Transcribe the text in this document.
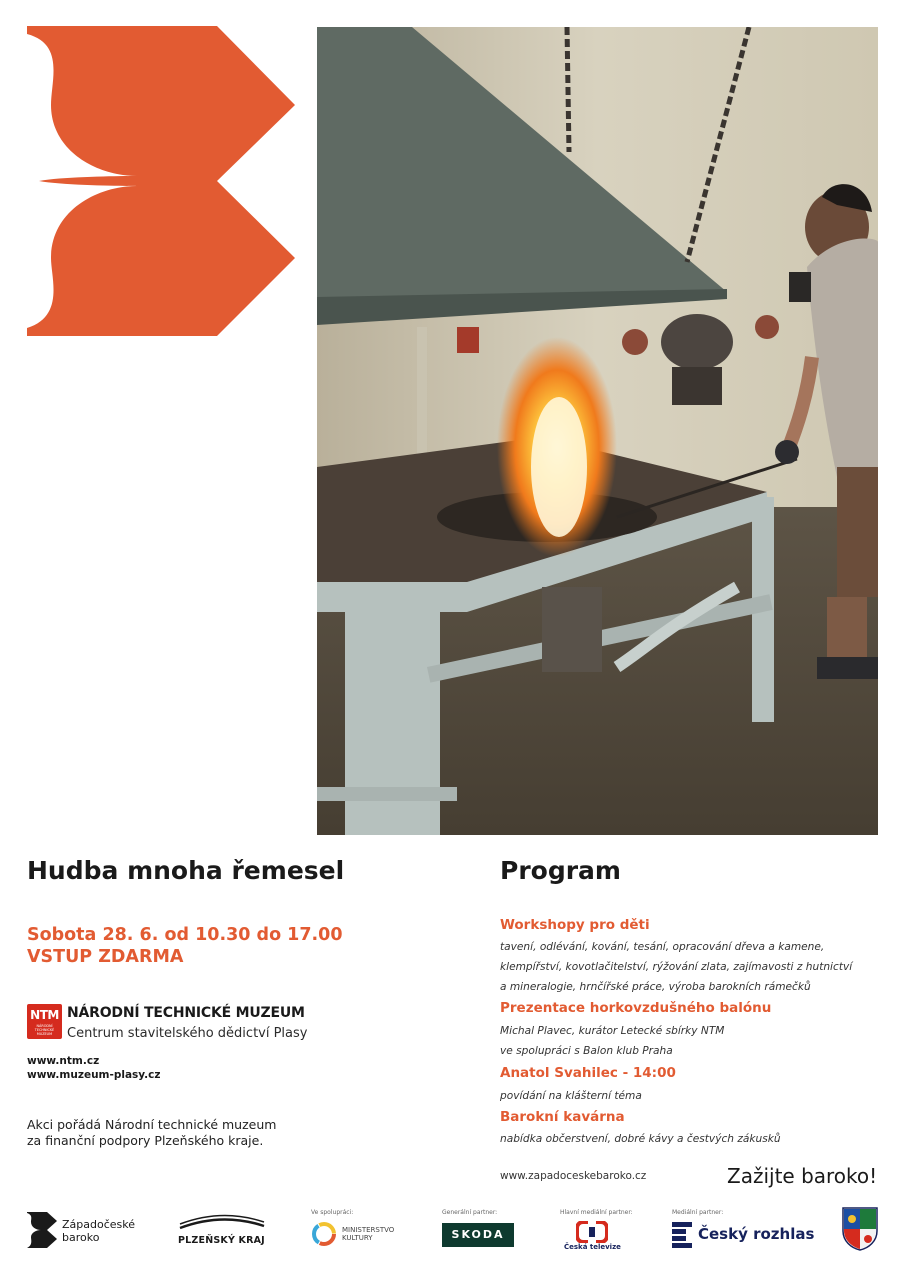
Hudba mnoha řemesel
Sobota 28. 6. od 10.30 do 17.00
VSTUP ZDARMA
NTM
NÁRODNÍ TECHNICKÉ MUZEUM
NÁRODNÍ TECHNICKÉ MUZEUM
Centrum stavitelského dědictví Plasy
www.ntm.cz
www.muzeum-plasy.cz
Akci pořádá Národní technické muzeum
za finanční podpory Plzeňského kraje.
Program
Workshopy pro děti
tavení, odlévání, kování, tesání, opracování dřeva a kamene,
klempířství, kovotlačitelství, rýžování zlata, zajímavosti z hutnictví
a mineralogie, hrnčířské práce, výroba barokních rámečků
Prezentace horkovzdušného balónu
Michal Plavec, kurátor Letecké sbírky NTM
ve spolupráci s Balon klub Praha
Anatol Svahilec - 14:00
povídání na klášterní téma
Barokní kavárna
nabídka občerstvení, dobré kávy a čestvých zákusků
www.zapadoceskebaroko.cz	Zažijte baroko!
Západočeské
baroko	PLZEŇSKÝ KRAJ
Ve spolupráci:
MINISTERSTVO
KULTURY
Generální partner:
SKODA
Hlavní mediální partner:
Česká televize
Mediální partner:
Český rozhlas
